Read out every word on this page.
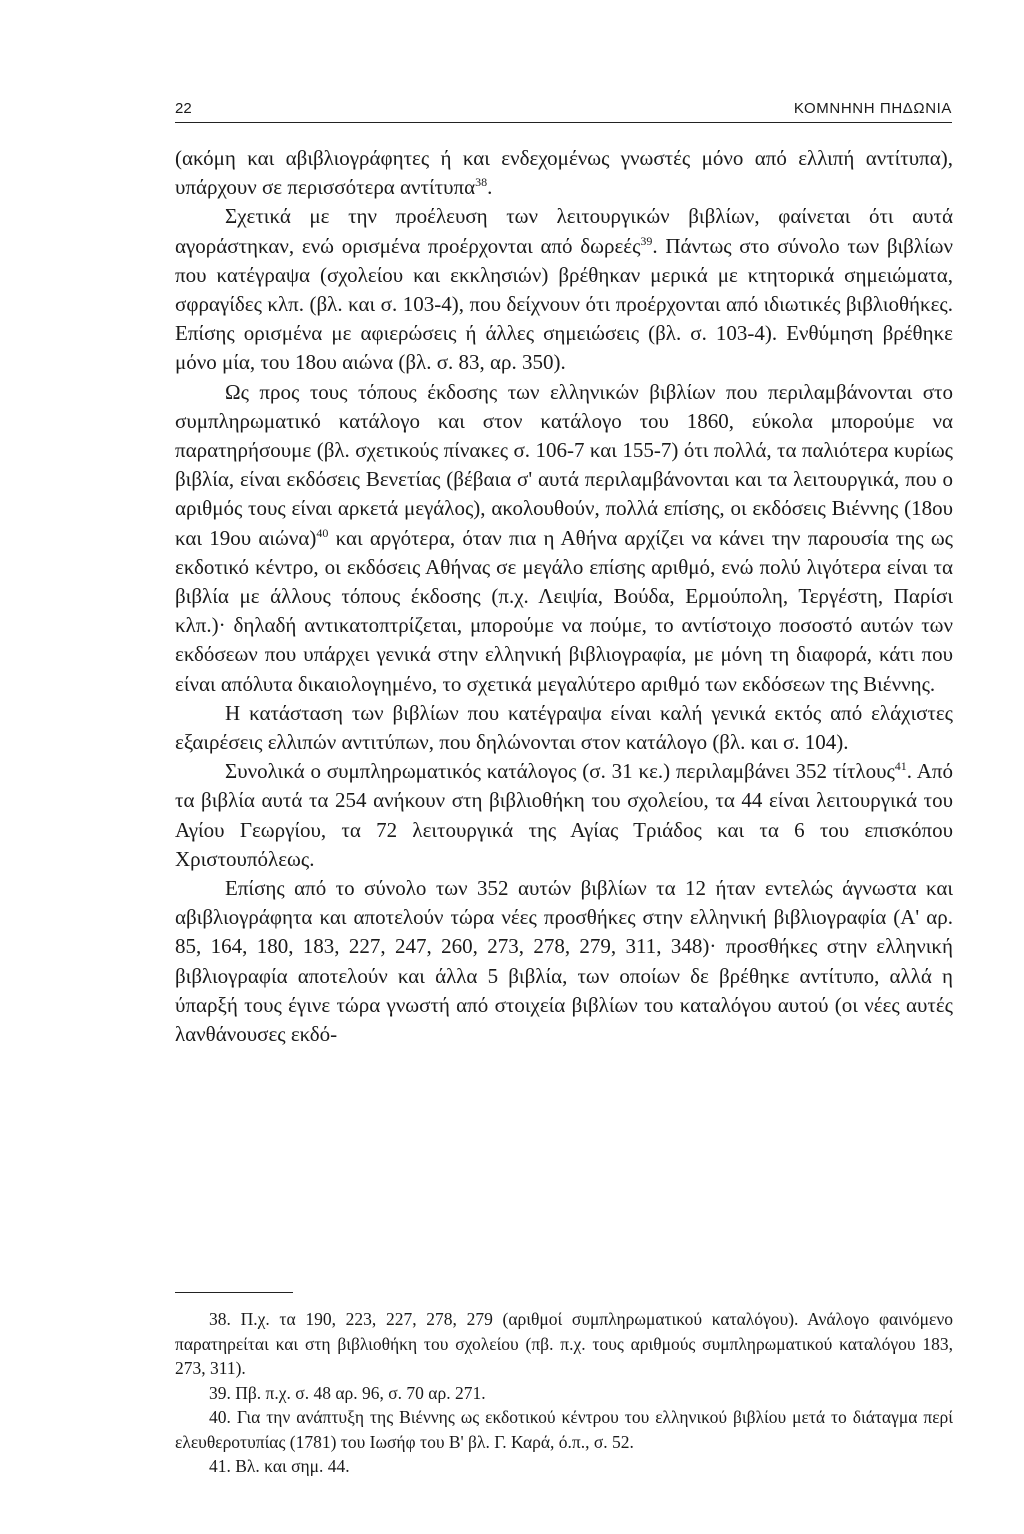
22	ΚΟΜΝΗΝΗ ΠΗΔΩΝΙΑ

(ακόμη και αβιβλιογράφητες ή και ενδεχομένως γνωστές μόνο από ελλιπή αντίτυπα), υπάρχουν σε περισσότερα αντίτυπα$^{38}$.

Σχετικά με την προέλευση των λειτουργικών βιβλίων, φαίνεται ότι αυτά αγοράστηκαν, ενώ ορισμένα προέρχονται από δωρεές$^{39}$. Πάντως στο σύνολο των βιβλίων που κατέγραψα (σχολείου και εκκλησιών) βρέθηκαν μερικά με κτητορικά σημειώματα, σφραγίδες κλπ. (βλ. και σ. 103-4), που δείχνουν ότι προέρχονται από ιδιωτικές βιβλιοθήκες. Επίσης ορισμένα με αφιερώσεις ή άλλες σημειώσεις (βλ. σ. 103-4). Ενθύμηση βρέθηκε μόνο μία, του 18ου αιώνα (βλ. σ. 83, αρ. 350).

Ως προς τους τόπους έκδοσης των ελληνικών βιβλίων που περιλαμβάνονται στο συμπληρωματικό κατάλογο και στον κατάλογο του 1860, εύκολα μπορούμε να παρατηρήσουμε (βλ. σχετικούς πίνακες σ. 106-7 και 155-7) ότι πολλά, τα παλιότερα κυρίως βιβλία, είναι εκδόσεις Βενετίας (βέβαια σ' αυτά περιλαμβάνονται και τα λειτουργικά, που ο αριθμός τους είναι αρκετά μεγάλος), ακολουθούν, πολλά επίσης, οι εκδόσεις Βιέννης (18ου και 19ου αιώνα)$^{40}$ και αργότερα, όταν πια η Αθήνα αρχίζει να κάνει την παρουσία της ως εκδοτικό κέντρο, οι εκδόσεις Αθήνας σε μεγάλο επίσης αριθμό, ενώ πολύ λιγότερα είναι τα βιβλία με άλλους τόπους έκδοσης (π.χ. Λειψία, Βούδα, Ερμούπολη, Τεργέστη, Παρίσι κλπ.)· δηλαδή αντικατοπτρίζεται, μπορούμε να πούμε, το αντίστοιχο ποσοστό αυτών των εκδόσεων που υπάρχει γενικά στην ελληνική βιβλιογραφία, με μόνη τη διαφορά, κάτι που είναι απόλυτα δικαιολογημένο, το σχετικά μεγαλύτερο αριθμό των εκδόσεων της Βιέννης.

Η κατάσταση των βιβλίων που κατέγραψα είναι καλή γενικά εκτός από ελάχιστες εξαιρέσεις ελλιπών αντιτύπων, που δηλώνονται στον κατάλογο (βλ. και σ. 104).

Συνολικά ο συμπληρωματικός κατάλογος (σ. 31 κε.) περιλαμβάνει 352 τίτλους$^{41}$. Από τα βιβλία αυτά τα 254 ανήκουν στη βιβλιοθήκη του σχολείου, τα 44 είναι λειτουργικά του Αγίου Γεωργίου, τα 72 λειτουργικά της Αγίας Τριάδος και τα 6 του επισκόπου Χριστουπόλεως.

Επίσης από το σύνολο των 352 αυτών βιβλίων τα 12 ήταν εντελώς άγνωστα και αβιβλιογράφητα και αποτελούν τώρα νέες προσθήκες στην ελληνική βιβλιογραφία (Α' αρ. 85, 164, 180, 183, 227, 247, 260, 273, 278, 279, 311, 348)· προσθήκες στην ελληνική βιβλιογραφία αποτελούν και άλλα 5 βιβλία, των οποίων δε βρέθηκε αντίτυπο, αλλά η ύπαρξή τους έγινε τώρα γνωστή από στοιχεία βιβλίων του καταλόγου αυτού (οι νέες αυτές λανθάνουσες εκδό-

38. Π.χ. τα 190, 223, 227, 278, 279 (αριθμοί συμπληρωματικού καταλόγου). Ανάλογο φαινόμενο παρατηρείται και στη βιβλιοθήκη του σχολείου (πβ. π.χ. τους αριθμούς συμπληρωματικού καταλόγου 183, 273, 311).

39. Πβ. π.χ. σ. 48 αρ. 96, σ. 70 αρ. 271.

40. Για την ανάπτυξη της Βιέννης ως εκδοτικού κέντρου του ελληνικού βιβλίου μετά το διάταγμα περί ελευθεροτυπίας (1781) του Ιωσήφ του Β' βλ. Γ. Καρά, ό.π., σ. 52.

41. Βλ. και σημ. 44.
